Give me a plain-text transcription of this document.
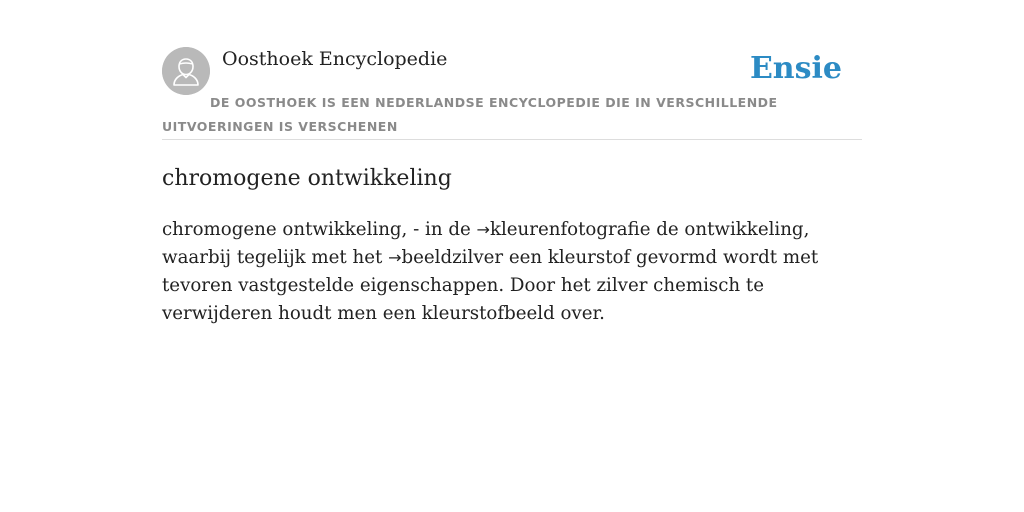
Oosthoek Encyclopedie	Ensie
DE OOSTHOEK IS EEN NEDERLANDSE ENCYCLOPEDIE DIE IN VERSCHILLENDE UITVOERINGEN IS VERSCHENEN
chromogene ontwikkeling

chromogene ontwikkeling, - in de →kleurenfotografie de ontwikkeling, waarbij tegelijk met het →beeldzilver een kleurstof gevormd wordt met tevoren vastgestelde eigenschappen. Door het zilver chemisch te verwijderen houdt men een kleurstofbeeld over.
